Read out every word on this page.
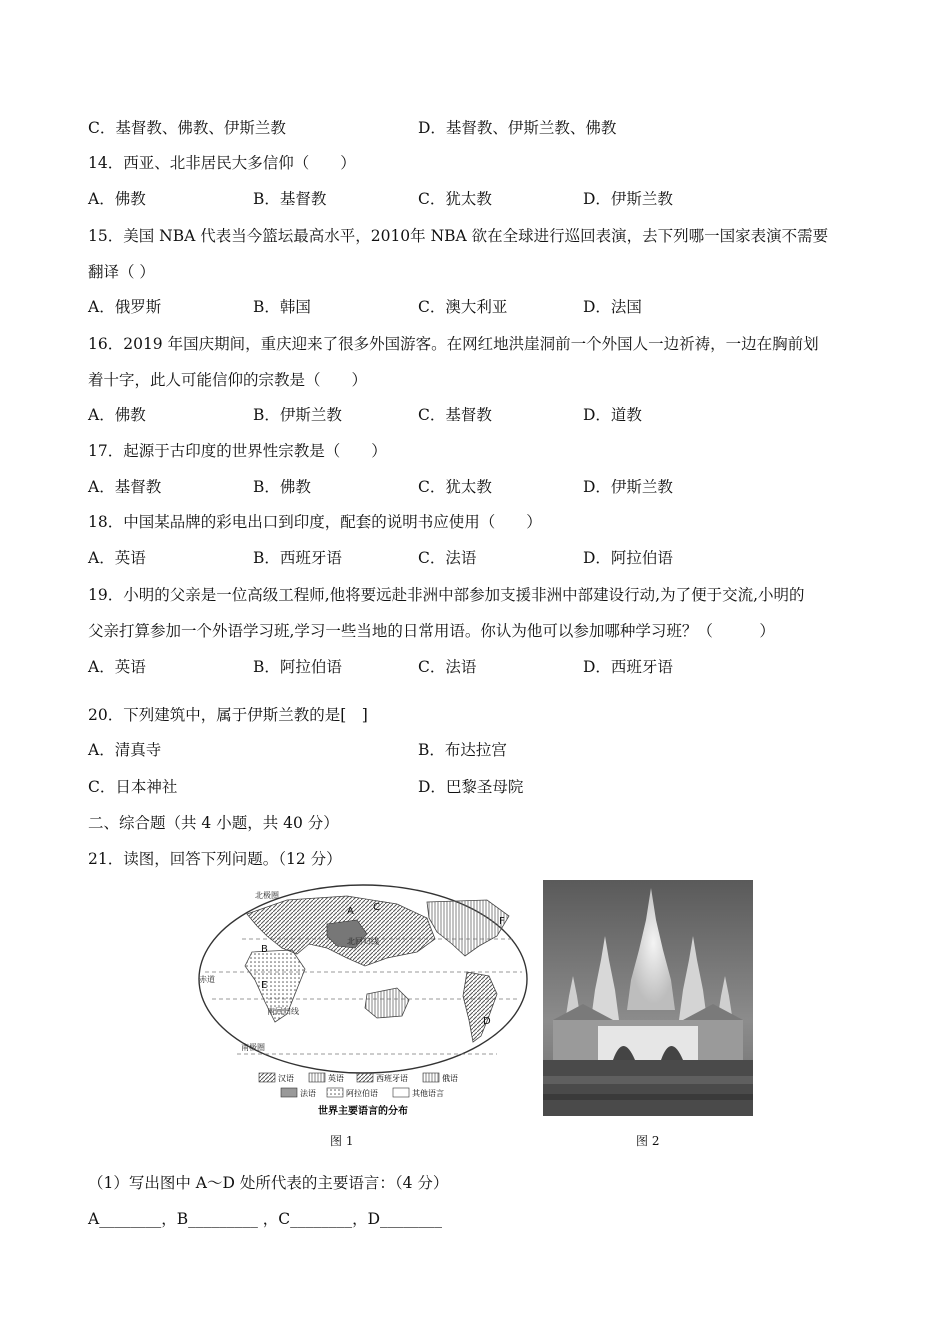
C．基督教、佛教、伊斯兰教	D．基督教、伊斯兰教、佛教
14．西亚、北非居民大多信仰（　　）
A．佛教	B．基督教	C．犹太教	D．伊斯兰教
15．美国 NBA 代表当今篮坛最高水平，2010年 NBA 欲在全球进行巡回表演，去下列哪一国家表演不需要
翻译（ ）
A．俄罗斯	B．韩国	C．澳大利亚	D．法国
16．2019 年国庆期间，重庆迎来了很多外国游客。在网红地洪崖洞前一个外国人一边祈祷，一边在胸前划
着十字，此人可能信仰的宗教是（　　）
A．佛教	B．伊斯兰教	C．基督教	D．道教
17．起源于古印度的世界性宗教是（　　）
A．基督教	B．佛教	C．犹太教	D．伊斯兰教
18．中国某品牌的彩电出口到印度，配套的说明书应使用（　　）
A．英语	B．西班牙语	C．法语	D．阿拉伯语
19．小明的父亲是一位高级工程师,他将要远赴非洲中部参加支援非洲中部建设行动,为了便于交流,小明的
父亲打算参加一个外语学习班,学习一些当地的日常用语。你认为他可以参加哪种学习班？（　　　）
A．英语	B．阿拉伯语	C．法语	D．西班牙语
20．下列建筑中，属于伊斯兰教的是[　]
A．清真寺	B．布达拉宫
C．日本神社	D．巴黎圣母院
二、综合题（共 4 小题，共 40 分）
21．读图，回答下列问题。（12 分）
北极圈
北回归线
赤道
南回归线
南极圈
A
B
C
D
E
F
汉语	英语	西班牙语	俄语
法语	阿拉伯语	其他语言
世界主要语言的分布
图 1	图 2
（1）写出图中 A～D 处所代表的主要语言：（4 分）
A________，B_________ ，C________，D________
